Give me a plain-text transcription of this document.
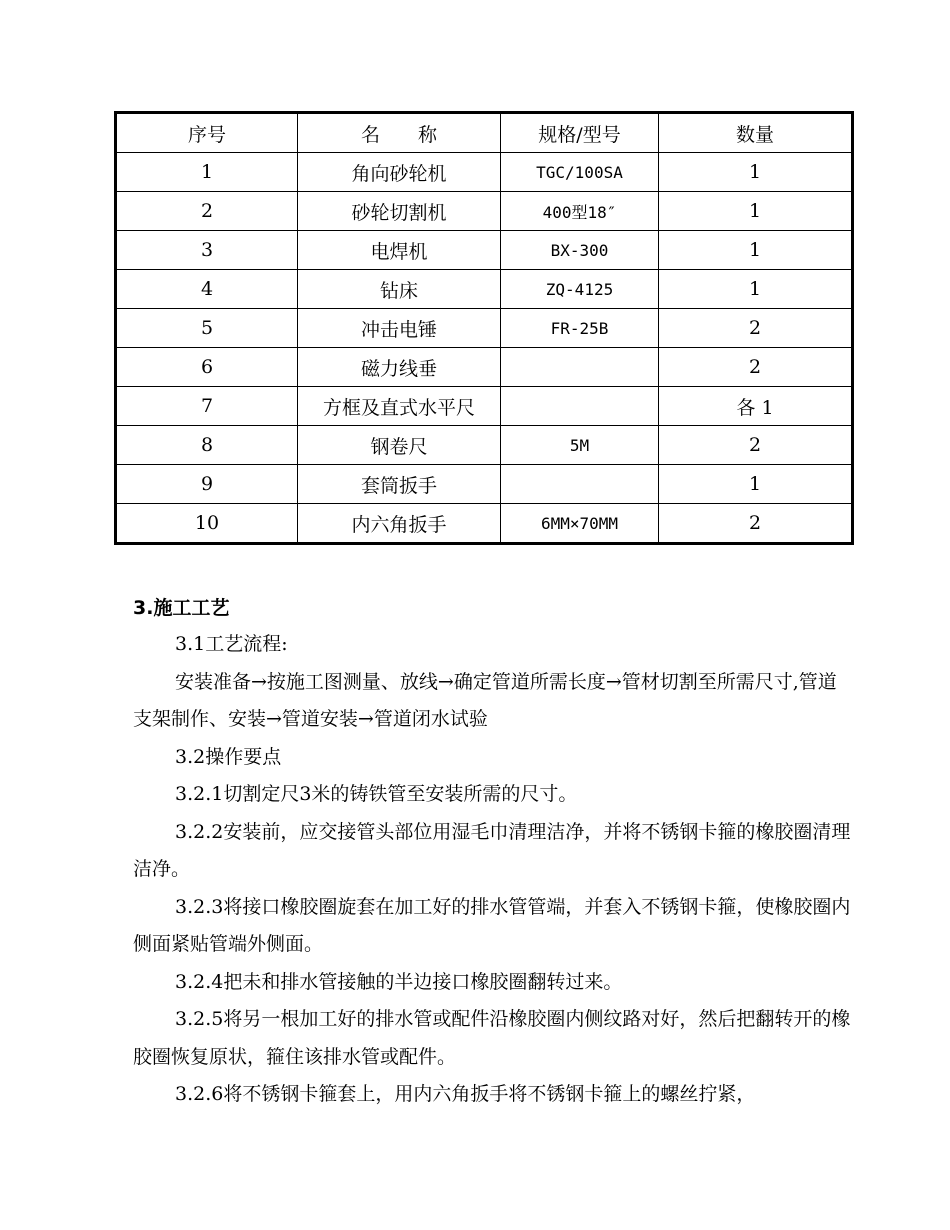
序号	名　　称	规格/型号	数量
1	角向砂轮机	TGC/100SA	1
2	砂轮切割机	400型18″	1
3	电焊机	BX-300	1
4	钻床	ZQ-4125	1
5	冲击电锤	FR-25B	2
6	磁力线垂		2
7	方框及直式水平尺		各 1
8	钢卷尺	5M	2
9	套筒扳手		1
10	内六角扳手	6MM×70MM	2
3.施工工艺

3.1工艺流程:

安装准备→按施工图测量、放线→确定管道所需长度→管材切割至所需尺寸,管道支架制作、安装→管道安装→管道闭水试验

3.2操作要点

3.2.1切割定尺3米的铸铁管至安装所需的尺寸。

3.2.2安装前，应交接管头部位用湿毛巾清理洁净，并将不锈钢卡箍的橡胶圈清理洁净。

3.2.3将接口橡胶圈旋套在加工好的排水管管端，并套入不锈钢卡箍，使橡胶圈内侧面紧贴管端外侧面。

3.2.4把未和排水管接触的半边接口橡胶圈翻转过来。

3.2.5将另一根加工好的排水管或配件沿橡胶圈内侧纹路对好，然后把翻转开的橡胶圈恢复原状，箍住该排水管或配件。

3.2.6将不锈钢卡箍套上，用内六角扳手将不锈钢卡箍上的螺丝拧紧，
